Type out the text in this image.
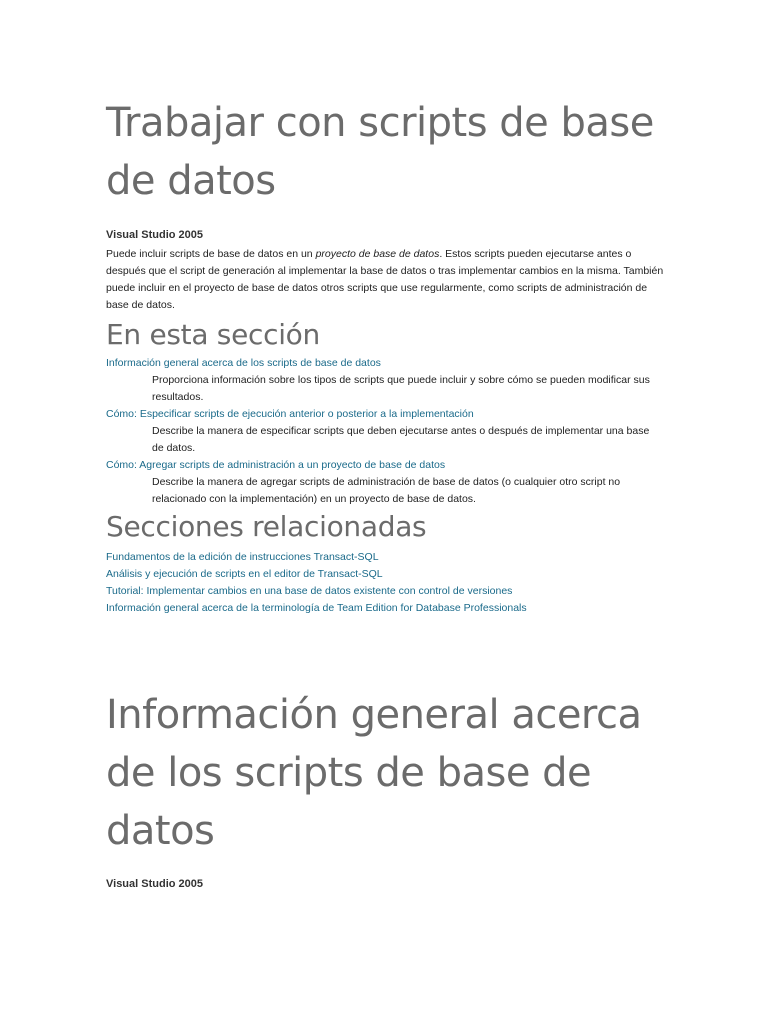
Trabajar con scripts de base de datos
Visual Studio 2005

Puede incluir scripts de base de datos en un proyecto de base de datos. Estos scripts pueden ejecutarse antes o después que el script de generación al implementar la base de datos o tras implementar cambios en la misma. También puede incluir en el proyecto de base de datos otros scripts que use regularmente, como scripts de administración de base de datos.

En esta sección
Información general acerca de los scripts de base de datos
Proporciona información sobre los tipos de scripts que puede incluir y sobre cómo se pueden modificar sus resultados.
Cómo: Especificar scripts de ejecución anterior o posterior a la implementación
Describe la manera de especificar scripts que deben ejecutarse antes o después de implementar una base de datos.
Cómo: Agregar scripts de administración a un proyecto de base de datos
Describe la manera de agregar scripts de administración de base de datos (o cualquier otro script no relacionado con la implementación) en un proyecto de base de datos.
Secciones relacionadas
Fundamentos de la edición de instrucciones Transact-SQL
Análisis y ejecución de scripts en el editor de Transact-SQL
Tutorial: Implementar cambios en una base de datos existente con control de versiones
Información general acerca de la terminología de Team Edition for Database Professionals
Información general acerca de los scripts de base de datos
Visual Studio 2005
